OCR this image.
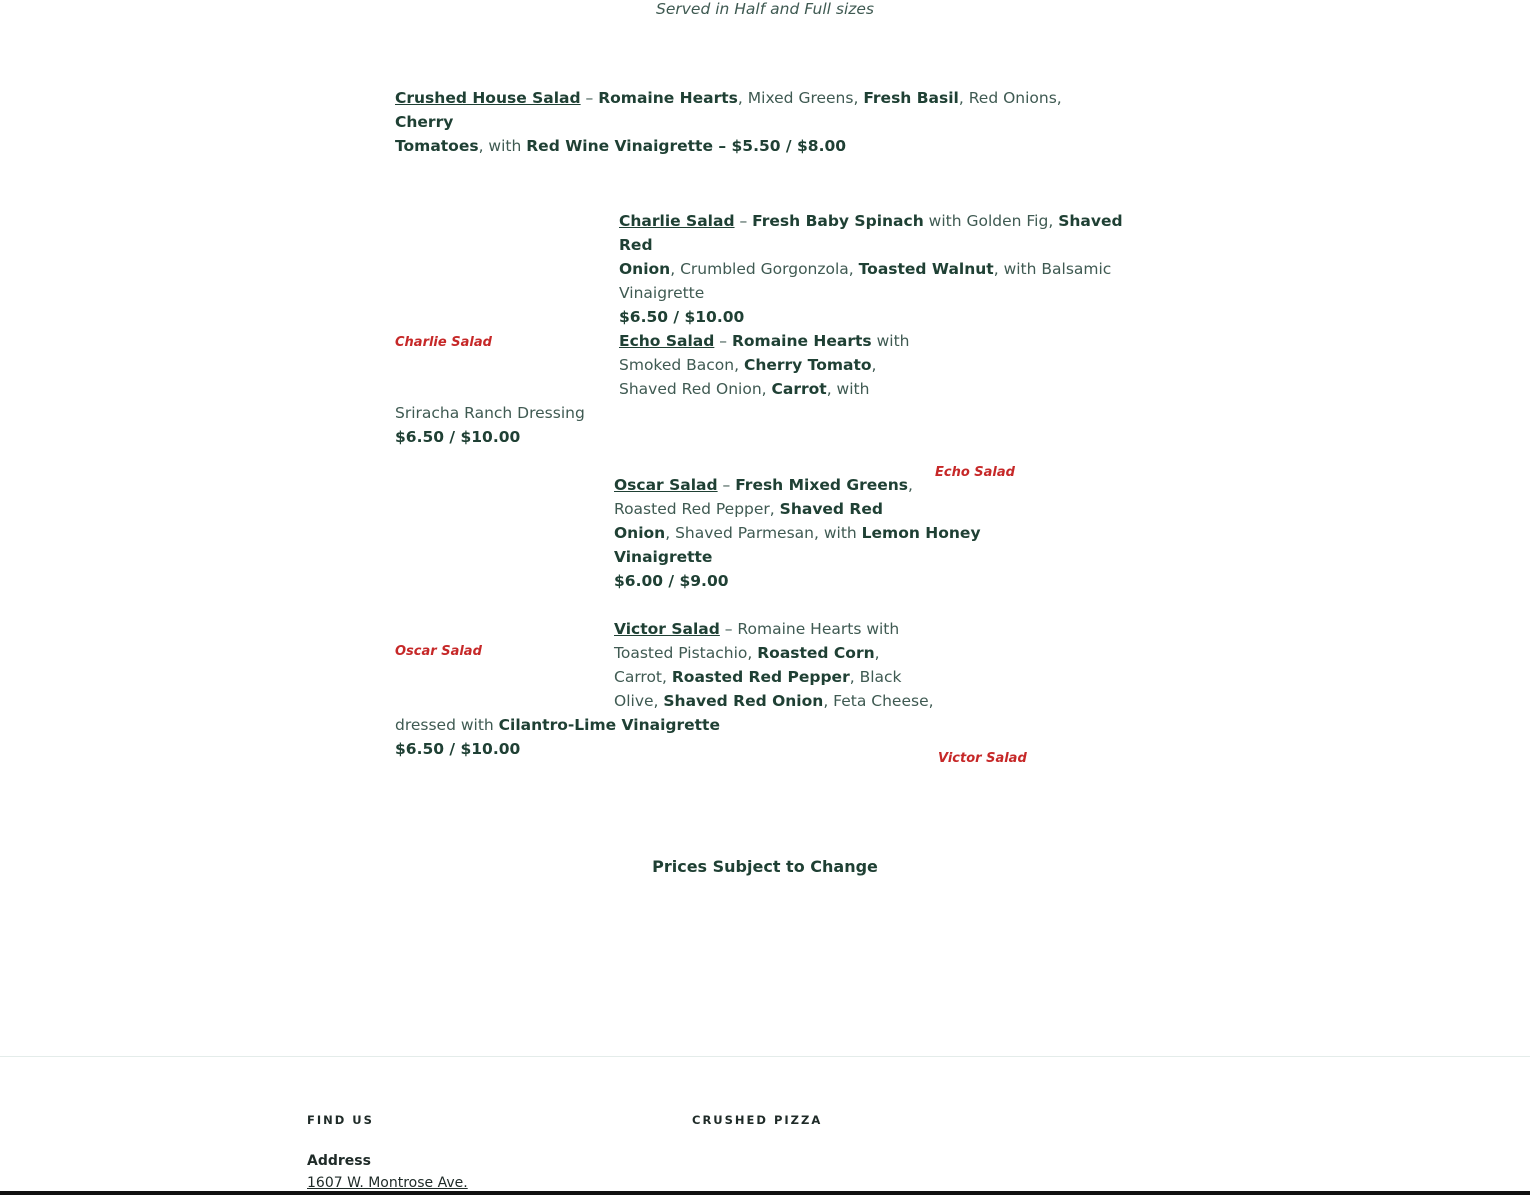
Served in Half and Full sizes
Crushed House Salad – Romaine Hearts, Mixed Greens, Fresh Basil, Red Onions, Cherry
Tomatoes, with Red Wine Vinaigrette – $5.50 / $8.00
Charlie Salad – Fresh Baby Spinach with Golden Fig, Shaved Red
Onion, Crumbled Gorgonzola, Toasted Walnut, with Balsamic
Vinaigrette
$6.50 / $10.00
Charlie Salad	Echo Salad – Romaine Hearts with
Smoked Bacon, Cherry Tomato,
Shaved Red Onion, Carrot, with
Sriracha Ranch Dressing
$6.50 / $10.00
Echo Salad
Oscar Salad – Fresh Mixed Greens,
Roasted Red Pepper, Shaved Red
Onion, Shaved Parmesan, with Lemon Honey Vinaigrette
$6.00 / $9.00
Oscar Salad
Victor Salad – Romaine Hearts with
Toasted Pistachio, Roasted Corn,
Carrot, Roasted Red Pepper, Black
Olive, Shaved Red Onion, Feta Cheese,
dressed with Cilantro-Lime Vinaigrette
$6.50 / $10.00
Victor Salad
Prices Subject to Change
FIND US	CRUSHED PIZZA
Address
1607 W. Montrose Ave.
